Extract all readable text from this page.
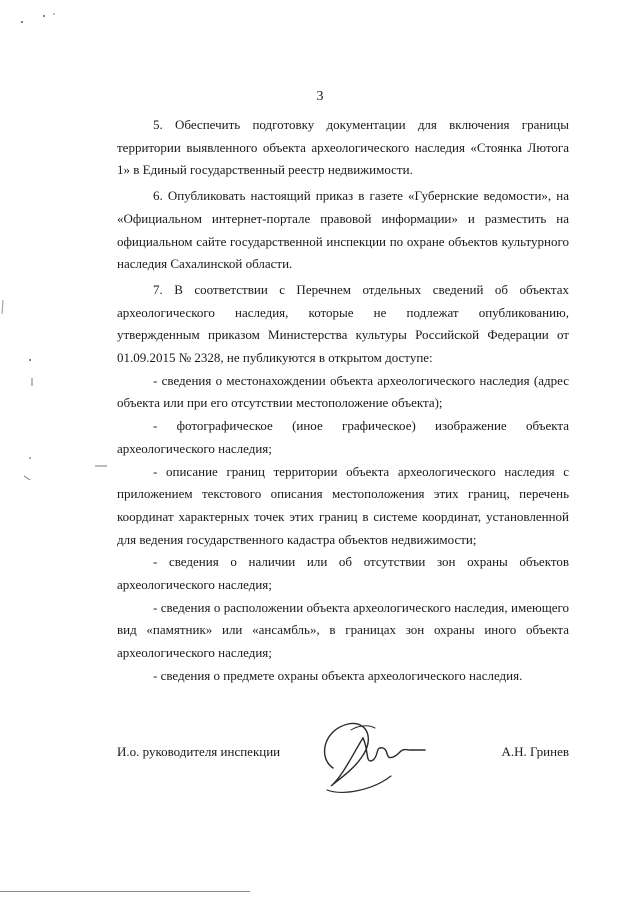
3

5. Обеспечить подготовку документации для включения границы территории выявленного объекта археологического наследия «Стоянка Лютога 1» в Единый государственный реестр недвижимости.

6. Опубликовать настоящий приказ в газете «Губернские ведомости», на «Официальном интернет-портале правовой информации» и разместить на официальном сайте государственной инспекции по охране объектов культурного наследия Сахалинской области.

7. В соответствии с Перечнем отдельных сведений об объектах археологического наследия, которые не подлежат опубликованию, утвержденным приказом Министерства культуры Российской Федерации от 01.09.2015 № 2328, не публикуются в открытом доступе:

- сведения о местонахождении объекта археологического наследия (адрес объекта или при его отсутствии местоположение объекта);

- фотографическое (иное графическое) изображение объекта археологического наследия;

- описание границ территории объекта археологического наследия с приложением текстового описания местоположения этих границ, перечень координат характерных точек этих границ в системе координат, установленной для ведения государственного кадастра объектов недвижимости;

- сведения о наличии или об отсутствии зон охраны объектов археологического наследия;

- сведения о расположении объекта археологического наследия, имеющего вид «памятник» или «ансамбль», в границах зон охраны иного объекта археологического наследия;

- сведения о предмете охраны объекта археологического наследия.

И.о. руководителя инспекции	А.Н. Гринев
